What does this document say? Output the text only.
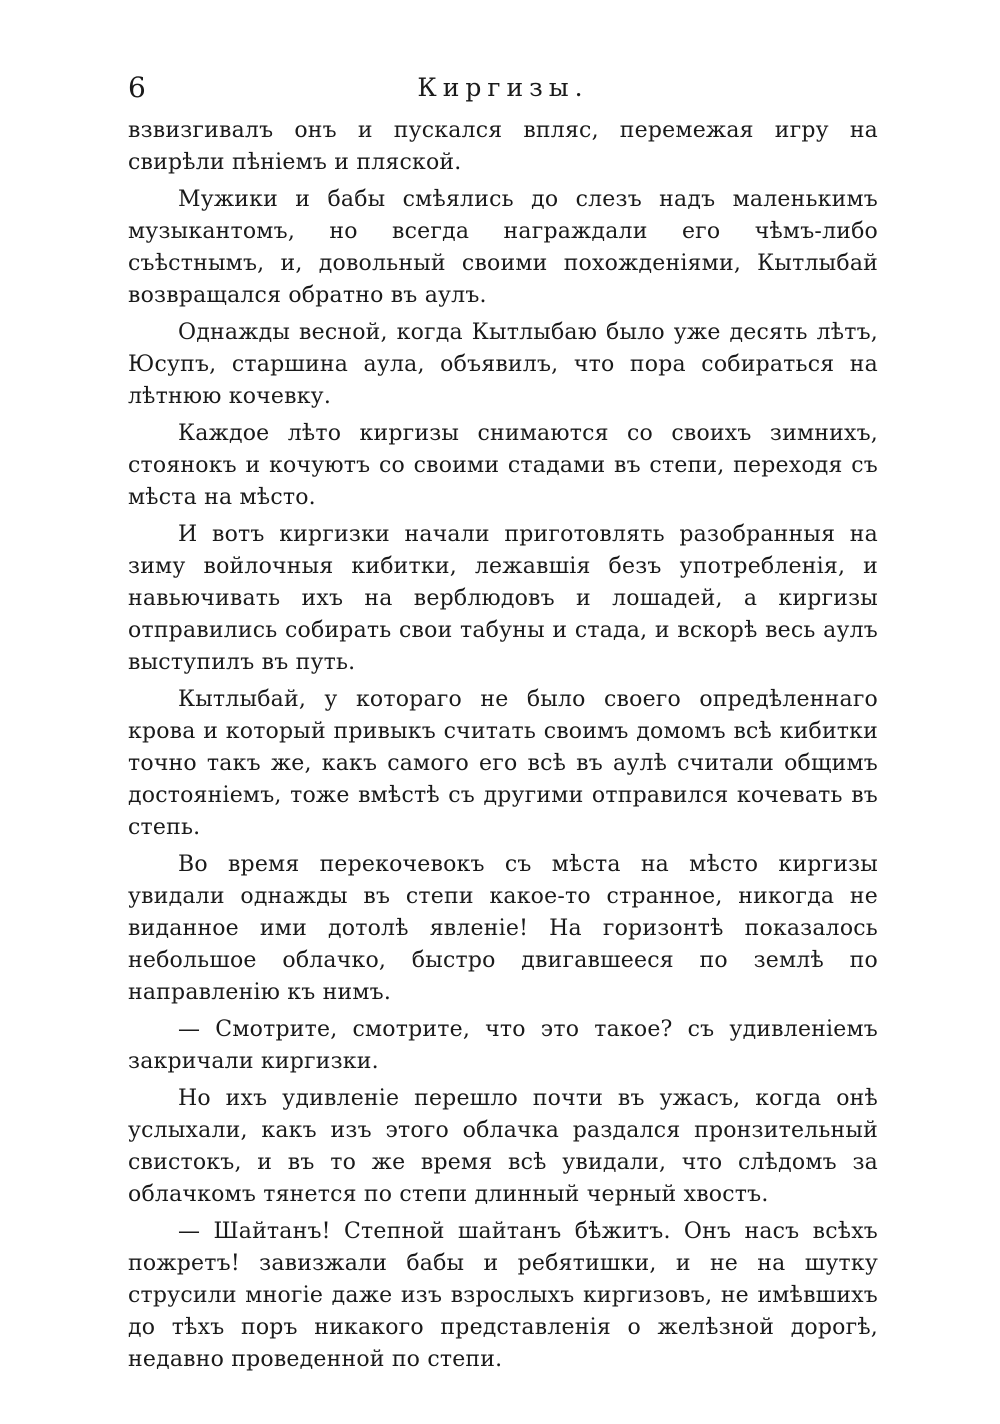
6	Киргизы.

взвизгивалъ онъ и пускался впляс, перемежая игру на свирѣли пѣніемъ и пляской.

Мужики и бабы смѣялись до слезъ надъ маленькимъ музыкантомъ, но всегда награждали его чѣмъ-либо съѣстнымъ, и, довольный своими похожденіями, Кытлыбай возвращался обратно въ аулъ.

Однажды весной, когда Кытлыбаю было уже десять лѣтъ, Юсупъ, старшина аула, объявилъ, что пора собираться на лѣтнюю кочевку.

Каждое лѣто киргизы снимаются со своихъ зимнихъ, стоянокъ и кочуютъ со своими стадами въ степи, переходя съ мѣста на мѣсто.

И вотъ киргизки начали приготовлять разобранныя на зиму войлочныя кибитки, лежавшія безъ употребленія, и навьючивать ихъ на верблюдовъ и лошадей, а киргизы отправились собирать свои табуны и стада, и вскорѣ весь аулъ выступилъ въ путь.

Кытлыбай, у котораго не было своего опредѣленнаго крова и который привыкъ считать своимъ домомъ всѣ кибитки точно такъ же, какъ самого его всѣ въ аулѣ считали общимъ достояніемъ, тоже вмѣстѣ съ другими отправился кочевать въ степь.

Во время перекочевокъ съ мѣста на мѣсто киргизы увидали однажды въ степи какое-то странное, никогда не виданное ими дотолѣ явленіе! На горизонтѣ показалось небольшое облачко, быстро двигавшееся по землѣ по направленію къ нимъ.

— Смотрите, смотрите, что это такое? съ удивленіемъ закричали киргизки.

Но ихъ удивленіе перешло почти въ ужасъ, когда онѣ услыхали, какъ изъ этого облачка раздался пронзительный свистокъ, и въ то же время всѣ увидали, что слѣдомъ за облачкомъ тянется по степи длинный черный хвостъ.

— Шайтанъ! Степной шайтанъ бѣжитъ. Онъ насъ всѣхъ пожретъ! завизжали бабы и ребятишки, и не на шутку струсили многіе даже изъ взрослыхъ киргизовъ, не имѣвшихъ до тѣхъ поръ никакого представленія о желѣзной дорогѣ, недавно проведенной по степи.
